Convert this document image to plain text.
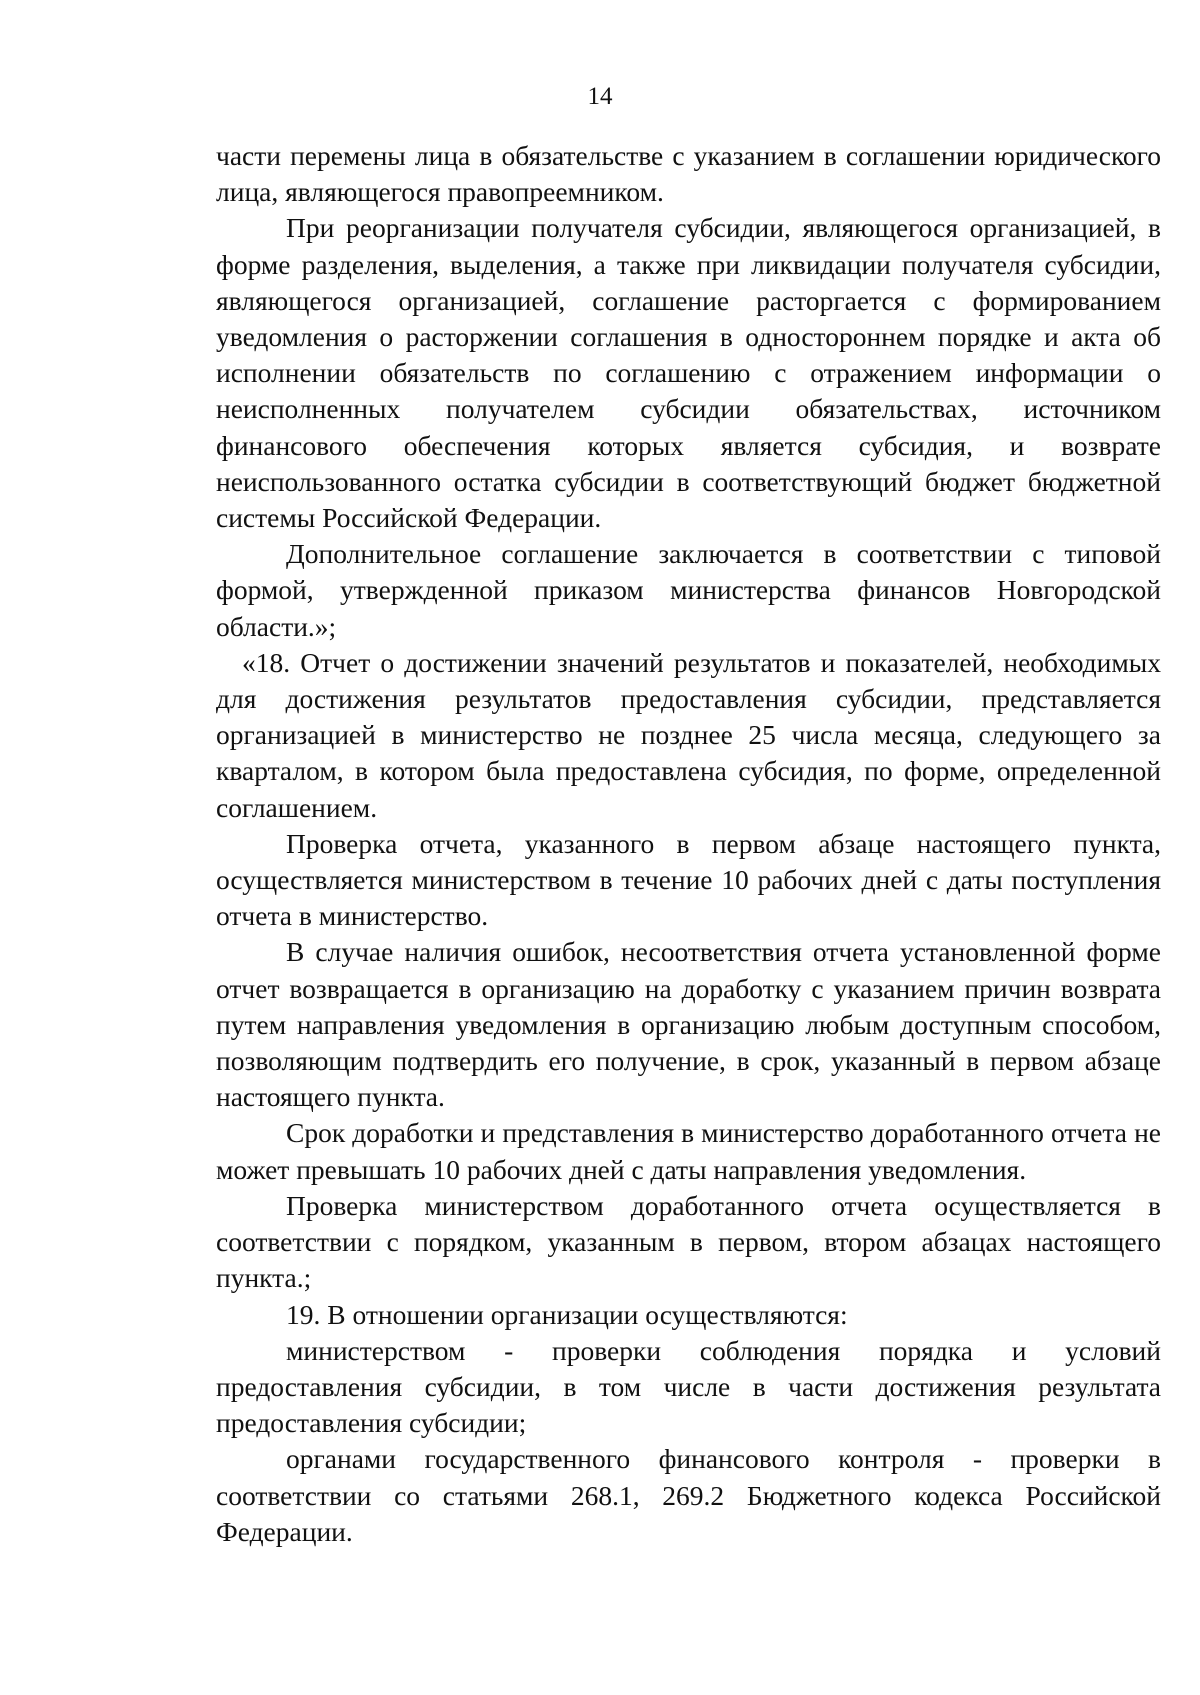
14

части перемены лица в обязательстве с указанием в соглашении юридического лица, являющегося правопреемником.

При реорганизации получателя субсидии, являющегося организацией, в форме разделения, выделения, а также при ликвидации получателя субсидии, являющегося организацией, соглашение расторгается с формированием уведомления о расторжении соглашения в одностороннем порядке и акта об исполнении обязательств по соглашению с отражением информации о неисполненных получателем субсидии обязательствах, источником финансового обеспечения которых является субсидия, и возврате неиспользованного остатка субсидии в соответствующий бюджет бюджетной системы Российской Федерации.

Дополнительное соглашение заключается в соответствии с типовой формой, утвержденной приказом министерства финансов Новгородской области.»;

«18. Отчет о достижении значений результатов и показателей, необходимых для достижения результатов предоставления субсидии, представляется организацией в министерство не позднее 25 числа месяца, следующего за кварталом, в котором была предоставлена субсидия, по форме, определенной соглашением.

Проверка отчета, указанного в первом абзаце настоящего пункта, осуществляется министерством в течение 10 рабочих дней с даты поступления отчета в министерство.

В случае наличия ошибок, несоответствия отчета установленной форме отчет возвращается в организацию на доработку с указанием причин возврата путем направления уведомления в организацию любым доступным способом, позволяющим подтвердить его получение, в срок, указанный в первом абзаце настоящего пункта.

Срок доработки и представления в министерство доработанного отчета не может превышать 10 рабочих дней с даты направления уведомления.

Проверка министерством доработанного отчета осуществляется в соответствии с порядком, указанным в первом, втором абзацах настоящего пункта.;

19. В отношении организации осуществляются:

министерством - проверки соблюдения порядка и условий предоставления субсидии, в том числе в части достижения результата предоставления субсидии;

органами государственного финансового контроля - проверки в соответствии со статьями 268.1, 269.2 Бюджетного кодекса Российской Федерации.
